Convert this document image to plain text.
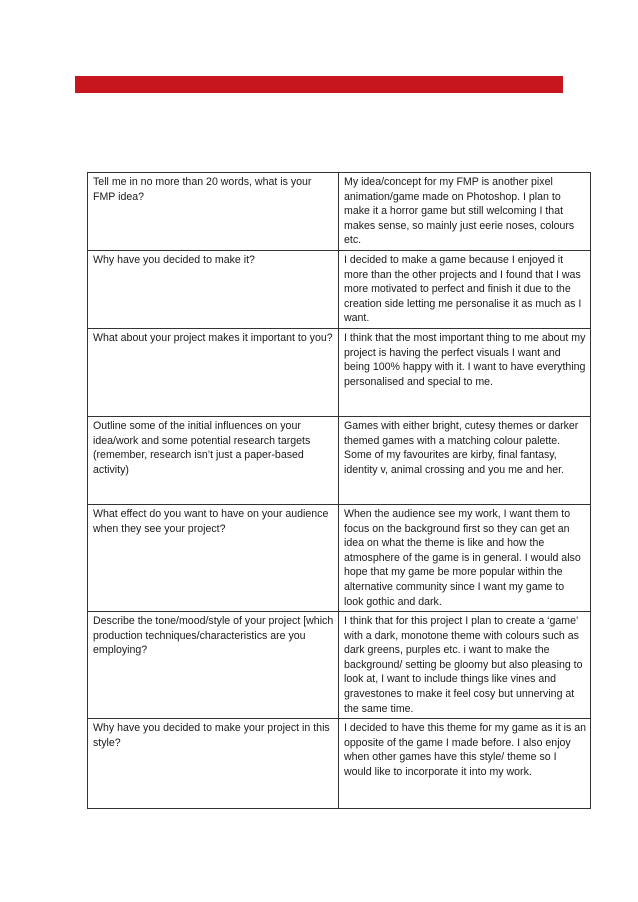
Tell me in no more than 20 words, what is your FMP idea?	My idea/concept for my FMP is another pixel animation/game made on Photoshop. I plan to make it a horror game but still welcoming I that makes sense, so mainly just eerie noses, colours etc.
Why have you decided to make it?	I decided to make a game because I enjoyed it more than the other projects and I found that I was more motivated to perfect and finish it due to the creation side letting me personalise it as much as I want.
What about your project makes it important to you?	I think that the most important thing to me about my project is having the perfect visuals I want and being 100% happy with it. I want to have everything personalised and special to me.
Outline some of the initial influences on your idea/work and some potential research targets (remember, research isn’t just a paper-based activity)	Games with either bright, cutesy themes or darker themed games with a matching colour palette. Some of my favourites are kirby, final fantasy, identity v, animal crossing and you me and her.
What effect do you want to have on your audience when they see your project?	When the audience see my work, I want them to focus on the background first so they can get an idea on what the theme is like and how the atmosphere of the game is in general. I would also hope that my game be more popular within the alternative community since I want my game to look gothic and dark.
Describe the tone/mood/style of your project [which production techniques/characteristics are you employing?	I think that for this project I plan to create a ‘game’ with a dark, monotone theme with colours such as dark greens, purples etc. i want to make the background/ setting be gloomy but also pleasing to look at, I want to include things like vines and gravestones to make it feel cosy but unnerving at the same time.
Why have you decided to make your project in this style?	I decided to have this theme for my game as it is an opposite of the game I made before. I also enjoy when other games have this style/ theme so I would like to incorporate it into my work.
